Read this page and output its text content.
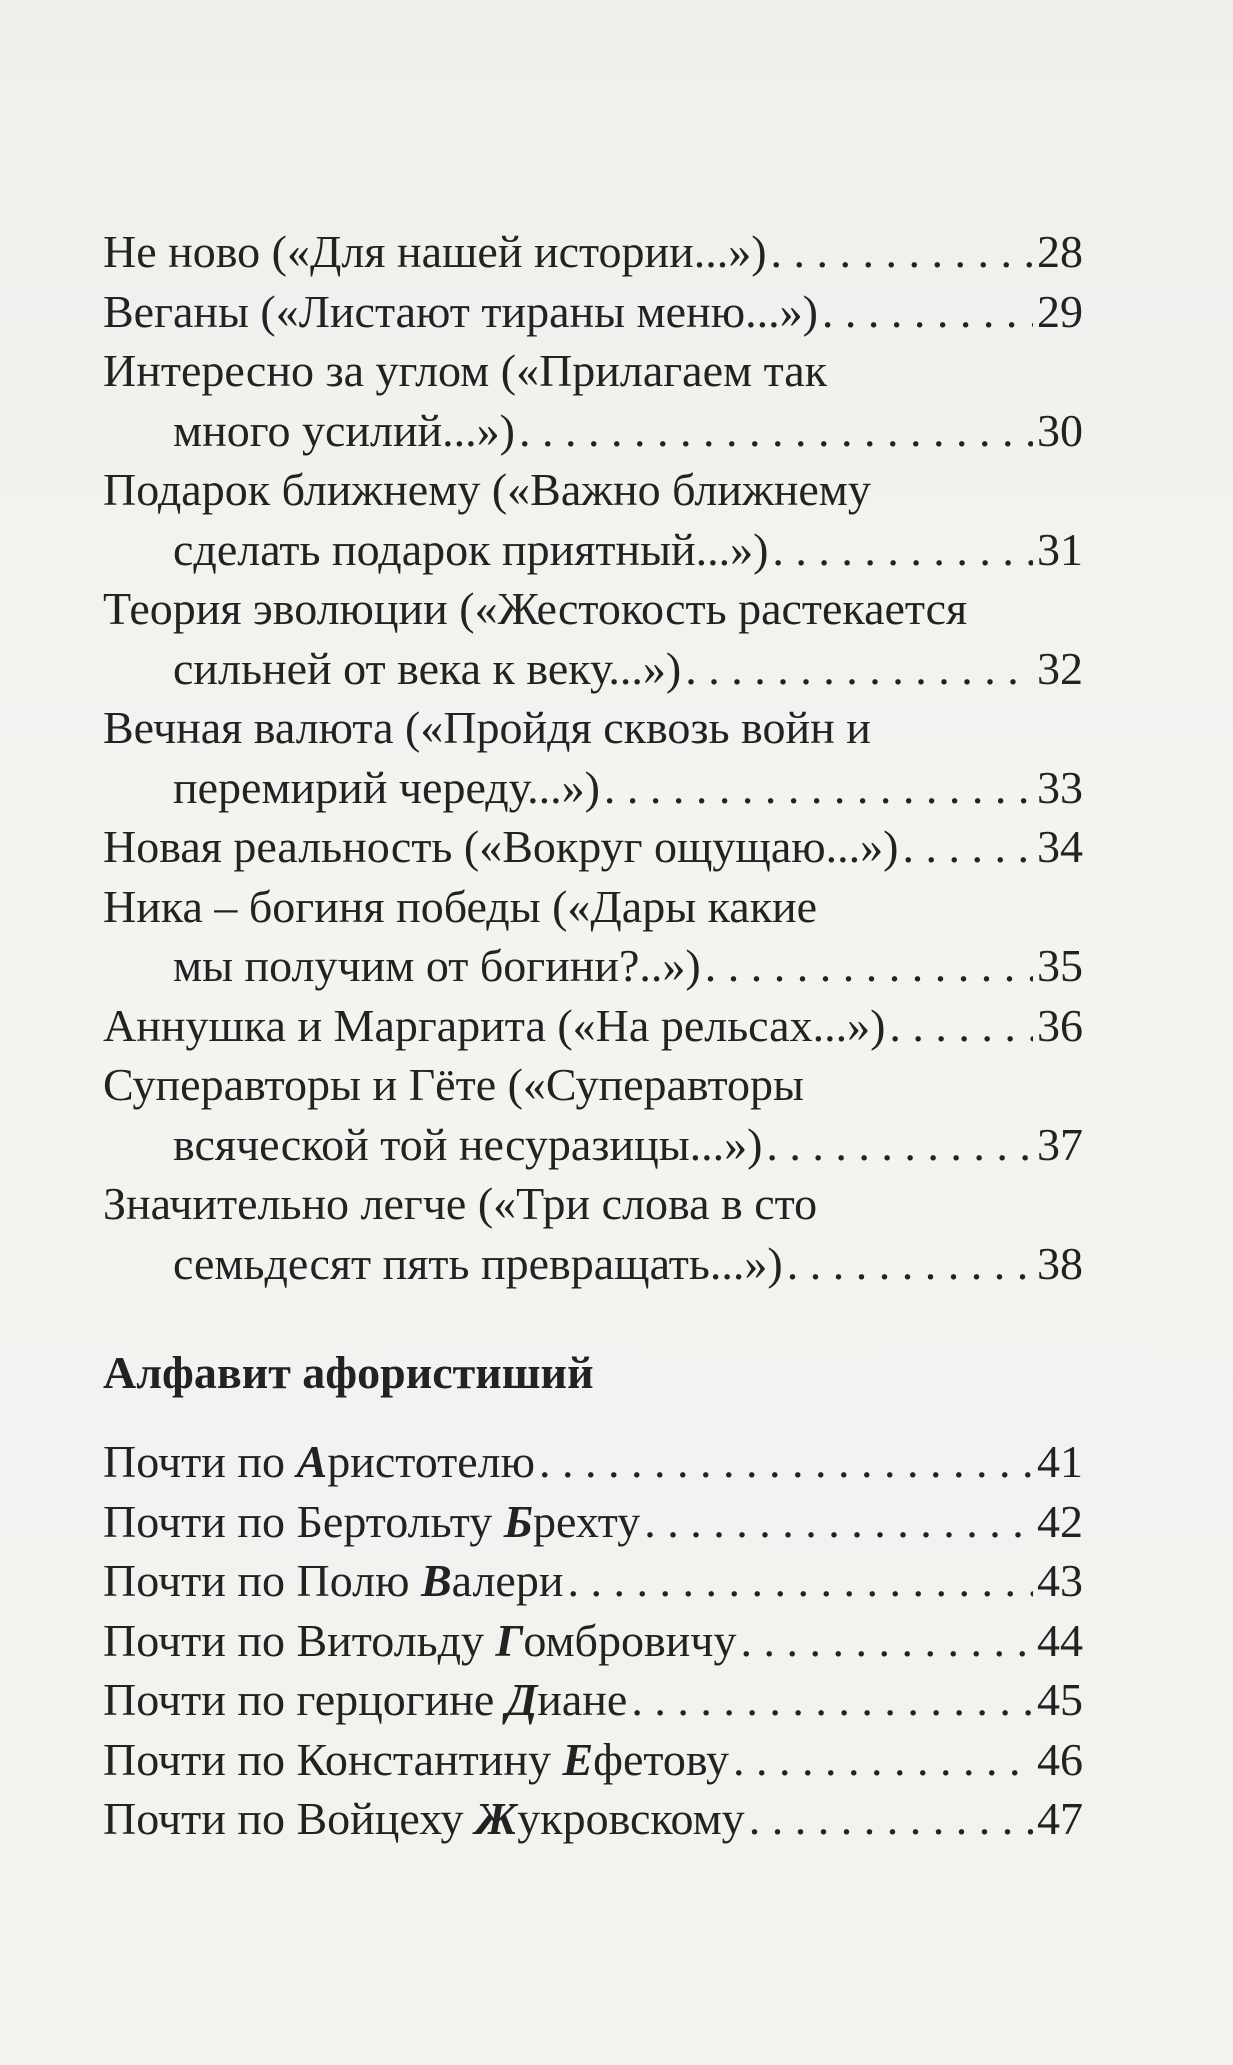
Не ново («Для нашей истории...») . . .	28
Веганы («Листают тираны меню...») . . .	29
Интересно за углом («Прилагаем так
много усилий...») . . .	30
Подарок ближнему («Важно ближнему
сделать подарок приятный...») . . .	31
Теория эволюции («Жестокость растекается
сильней от века к веку...») . . .	32
Вечная валюта («Пройдя сквозь войн и
перемирий череду...») . . .	33
Новая реальность («Вокруг ощущаю...») . . .	34
Ника – богиня победы («Дары какие
мы получим от богини?..») . . .	35
Аннушка и Маргарита («На рельсах...») . . .	36
Суперавторы и Гёте («Суперавторы
всяческой той несуразицы...») . . .	37
Значительно легче («Три слова в сто
семьдесят пять превращать...») . . .	38
Алфавит афористиший
Почти по Аристотелю . . .	41
Почти по Бертольту Брехту . . .	42
Почти по Полю Валери . . .	43
Почти по Витольду Гомбровичу . . .	44
Почти по герцогине Диане . . .	45
Почти по Константину Ефетову . . .	46
Почти по Войцеху Жукровскому . . .	47
